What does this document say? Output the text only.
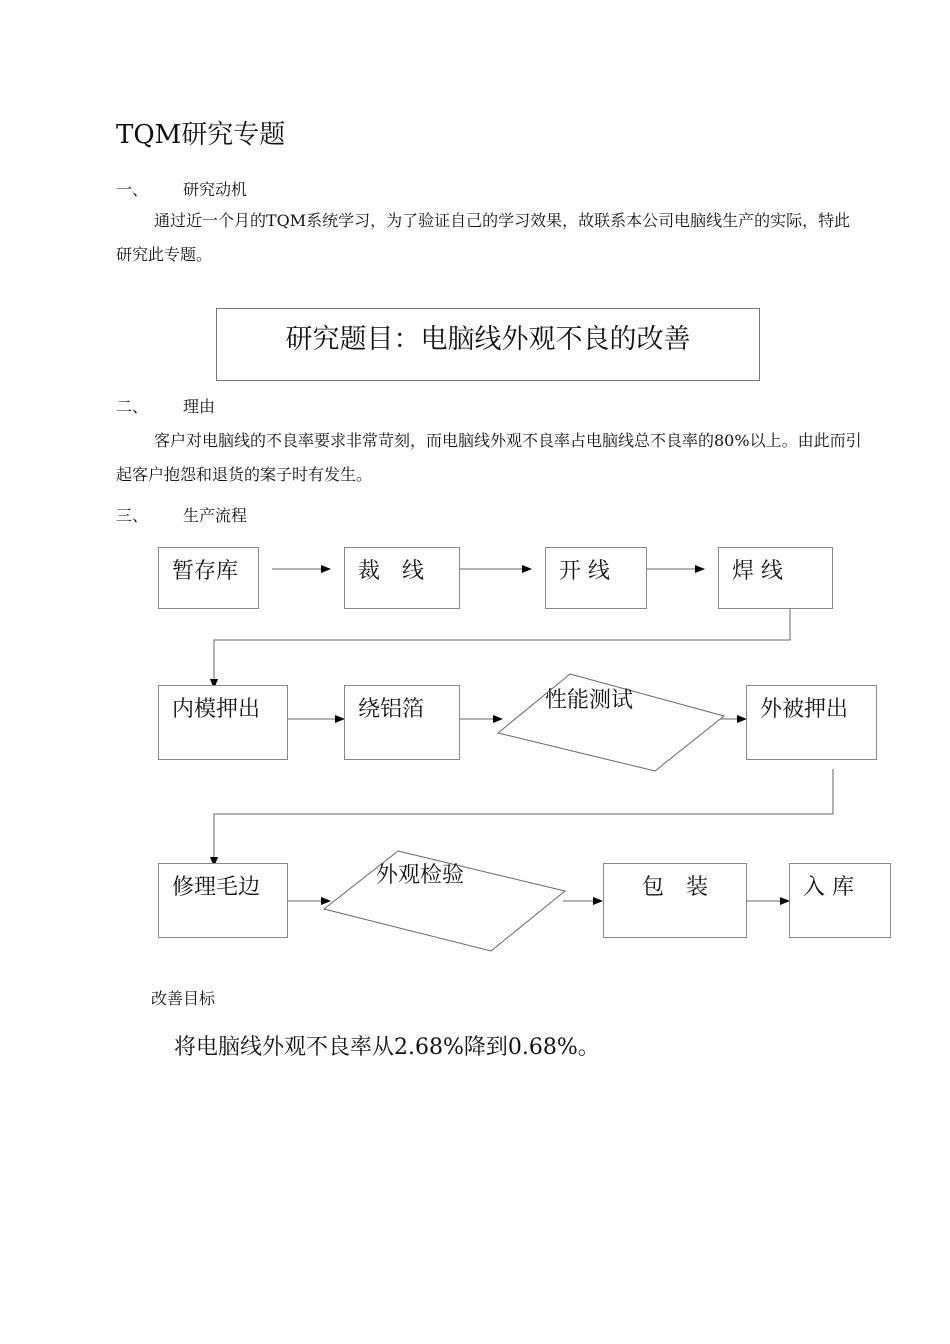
TQM研究专题
一、 研究动机
通过近一个月的TQM系统学习，为了验证自己的学习效果，故联系本公司电脑线生产的实际，特此研究此专题。
研究题目：电脑线外观不良的改善
二、 理由
客户对电脑线的不良率要求非常苛刻，而电脑线外观不良率占电脑线总不良率的80%以上。由此而引起客户抱怨和退货的案子时有发生。
三、 生产流程
暂存库	裁　线	开 线	焊 线
内模押出	绕铝箔	性能测试	外被押出
修理毛边	外观检验	包　装	入 库
改善目标
将电脑线外观不良率从2.68%降到0.68%。
